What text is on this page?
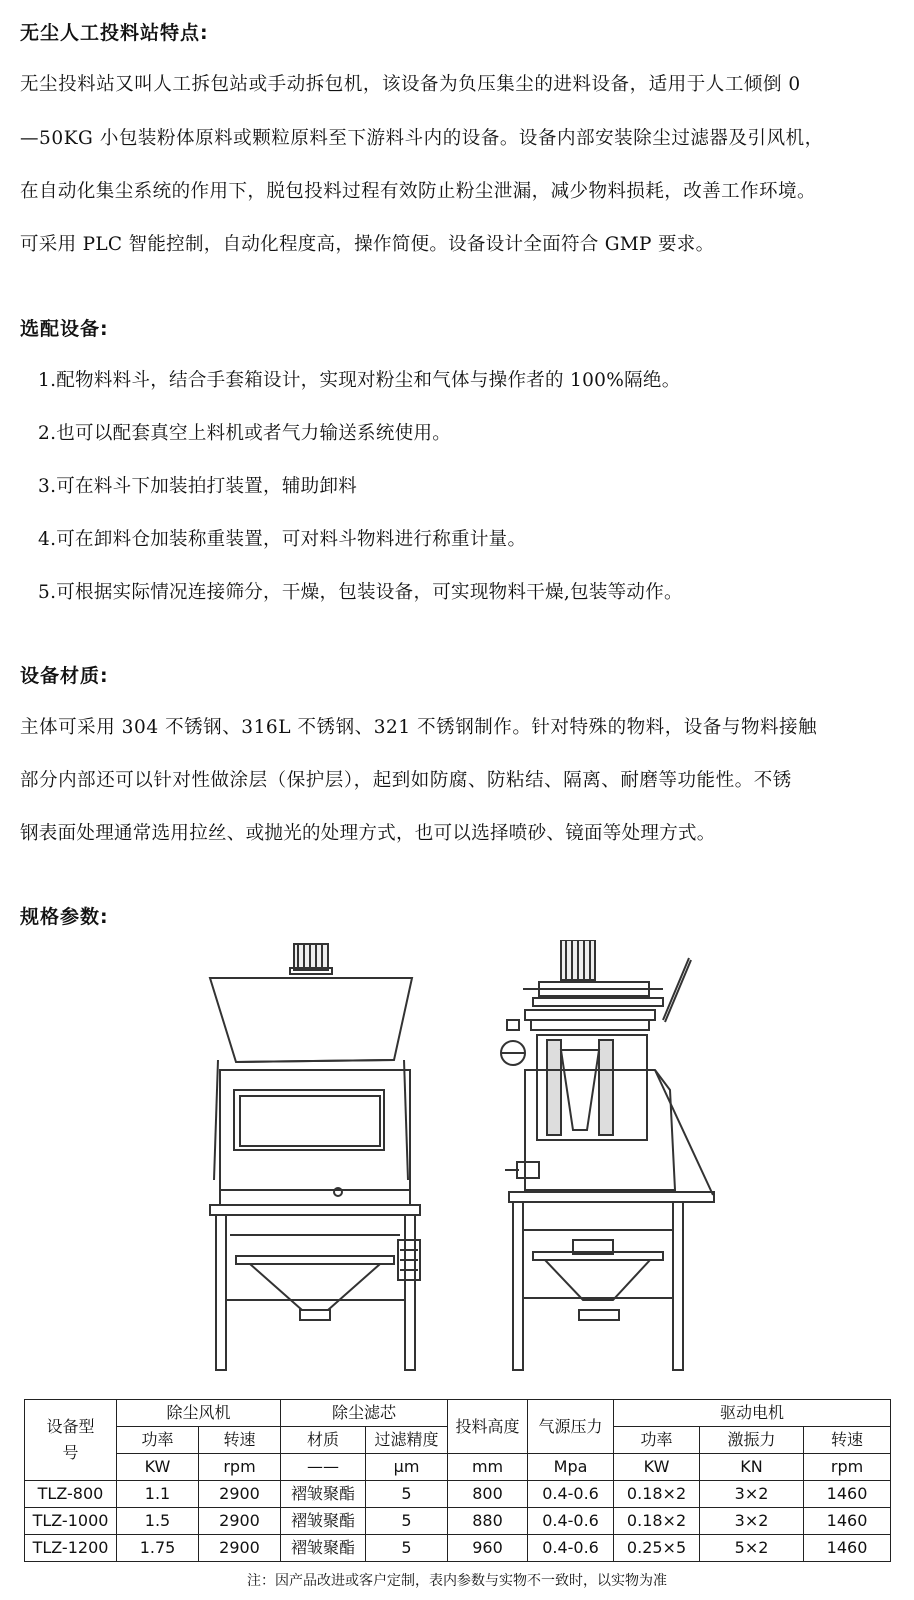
无尘人工投料站特点:
无尘投料站又叫人工拆包站或手动拆包机，该设备为负压集尘的进料设备，适用于人工倾倒 0
—50KG 小包装粉体原料或颗粒原料至下游料斗内的设备。设备内部安装除尘过滤器及引风机，
在自动化集尘系统的作用下，脱包投料过程有效防止粉尘泄漏，减少物料损耗，改善工作环境。
可采用 PLC 智能控制，自动化程度高，操作简便。设备设计全面符合 GMP 要求。
选配设备:
1.配物料料斗，结合手套箱设计，实现对粉尘和气体与操作者的 100%隔绝。
2.也可以配套真空上料机或者气力输送系统使用。
3.可在料斗下加装拍打装置，辅助卸料
4.可在卸料仓加装称重装置，可对料斗物料进行称重计量。
5.可根据实际情况连接筛分，干燥，包装设备，可实现物料干燥,包装等动作。
设备材质:
主体可采用 304 不锈钢、316L 不锈钢、321 不锈钢制作。针对特殊的物料，设备与物料接触
部分内部还可以针对性做涂层（保护层），起到如防腐、防粘结、隔离、耐磨等功能性。不锈
钢表面处理通常选用拉丝、或抛光的处理方式，也可以选择喷砂、镜面等处理方式。
规格参数:
设备型号	除尘风机		除尘滤芯		投料高度	气源压力	驱动电机		
	功率	转速	材质	过滤精度			功率	激振力	转速
	KW	rpm	——	μm	mm	Mpa	KW	KN	rpm
TLZ-800	1.1	2900	褶皱聚酯	5	800	0.4-0.6	0.18×2	3×2	1460
TLZ-1000	1.5	2900	褶皱聚酯	5	880	0.4-0.6	0.18×2	3×2	1460
TLZ-1200	1.75	2900	褶皱聚酯	5	960	0.4-0.6	0.25×5	5×2	1460
注：因产品改进或客户定制，表内参数与实物不一致时，以实物为准
